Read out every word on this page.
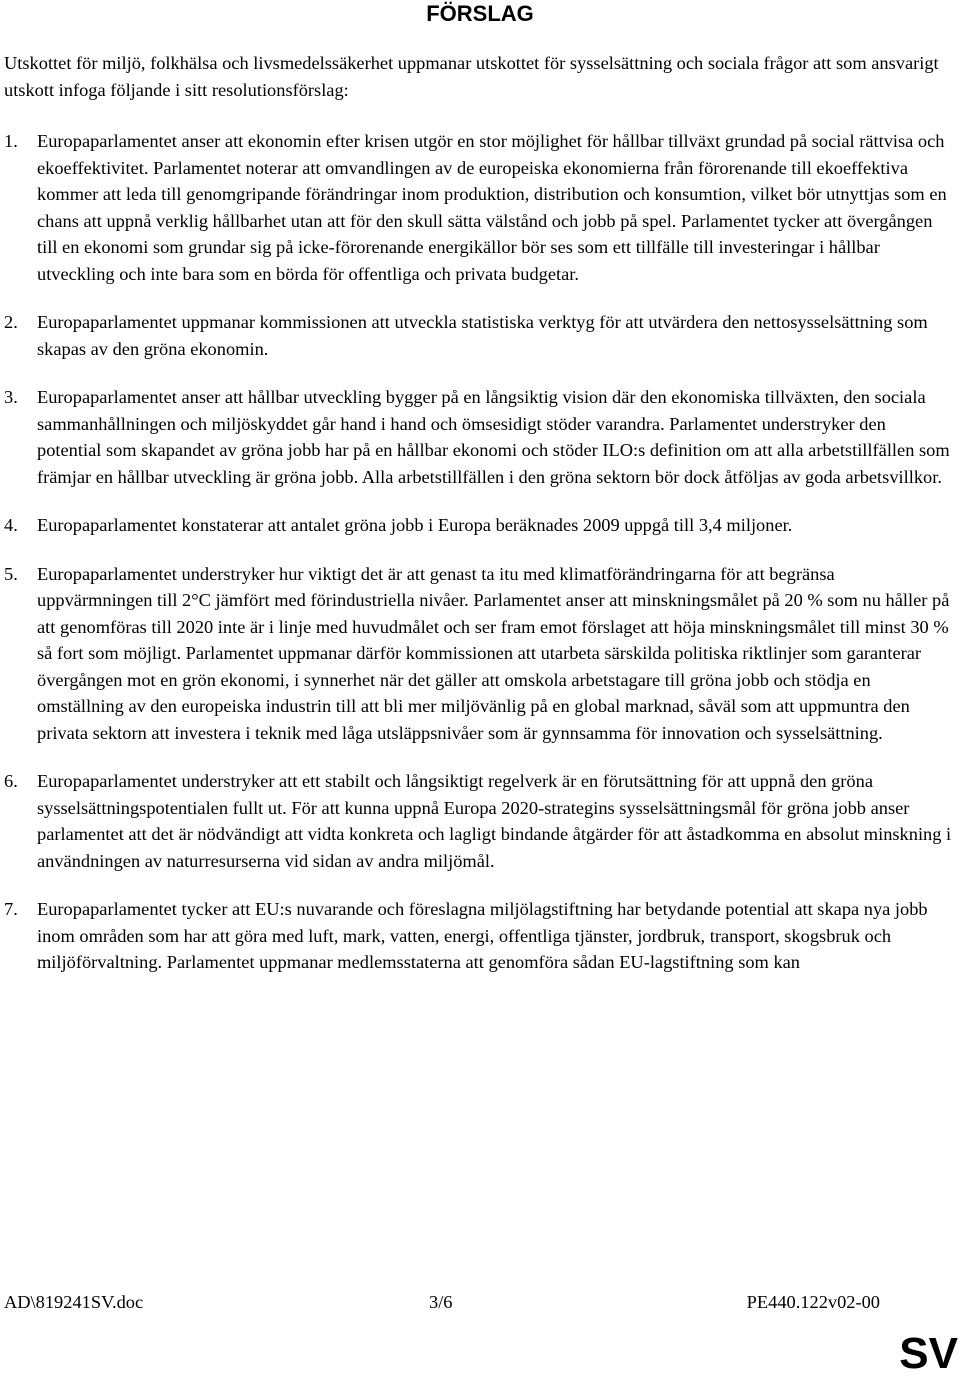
FÖRSLAG
Utskottet för miljö, folkhälsa och livsmedelssäkerhet uppmanar utskottet för sysselsättning och sociala frågor att som ansvarigt utskott infoga följande i sitt resolutionsförslag:
1. Europaparlamentet anser att ekonomin efter krisen utgör en stor möjlighet för hållbar tillväxt grundad på social rättvisa och ekoeffektivitet. Parlamentet noterar att omvandlingen av de europeiska ekonomierna från förorenande till ekoeffektiva kommer att leda till genomgripande förändringar inom produktion, distribution och konsumtion, vilket bör utnyttjas som en chans att uppnå verklig hållbarhet utan att för den skull sätta välstånd och jobb på spel. Parlamentet tycker att övergången till en ekonomi som grundar sig på icke-förorenande energikällor bör ses som ett tillfälle till investeringar i hållbar utveckling och inte bara som en börda för offentliga och privata budgetar.
2. Europaparlamentet uppmanar kommissionen att utveckla statistiska verktyg för att utvärdera den nettosysselsättning som skapas av den gröna ekonomin.
3. Europaparlamentet anser att hållbar utveckling bygger på en långsiktig vision där den ekonomiska tillväxten, den sociala sammanhållningen och miljöskyddet går hand i hand och ömsesidigt stöder varandra. Parlamentet understryker den potential som skapandet av gröna jobb har på en hållbar ekonomi och stöder ILO:s definition om att alla arbetstillfällen som främjar en hållbar utveckling är gröna jobb. Alla arbetstillfällen i den gröna sektorn bör dock åtföljas av goda arbetsvillkor.
4. Europaparlamentet konstaterar att antalet gröna jobb i Europa beräknades 2009 uppgå till 3,4 miljoner.
5. Europaparlamentet understryker hur viktigt det är att genast ta itu med klimatförändringarna för att begränsa uppvärmningen till 2°C jämfört med förindustriella nivåer. Parlamentet anser att minskningsmålet på 20 % som nu håller på att genomföras till 2020 inte är i linje med huvudmålet och ser fram emot förslaget att höja minskningsmålet till minst 30 % så fort som möjligt. Parlamentet uppmanar därför kommissionen att utarbeta särskilda politiska riktlinjer som garanterar övergången mot en grön ekonomi, i synnerhet när det gäller att omskola arbetstagare till gröna jobb och stödja en omställning av den europeiska industrin till att bli mer miljövänlig på en global marknad, såväl som att uppmuntra den privata sektorn att investera i teknik med låga utsläppsnivåer som är gynnsamma för innovation och sysselsättning.
6. Europaparlamentet understryker att ett stabilt och långsiktigt regelverk är en förutsättning för att uppnå den gröna sysselsättningspotentialen fullt ut. För att kunna uppnå Europa 2020-strategins sysselsättningsmål för gröna jobb anser parlamentet att det är nödvändigt att vidta konkreta och lagligt bindande åtgärder för att åstadkomma en absolut minskning i användningen av naturresurserna vid sidan av andra miljömål.
7. Europaparlamentet tycker att EU:s nuvarande och föreslagna miljölagstiftning har betydande potential att skapa nya jobb inom områden som har att göra med luft, mark, vatten, energi, offentliga tjänster, jordbruk, transport, skogsbruk och miljöförvaltning. Parlamentet uppmanar medlemsstaterna att genomföra sådan EU-lagstiftning som kan
AD\819241SV.doc	3/6	PE440.122v02-00
SV
